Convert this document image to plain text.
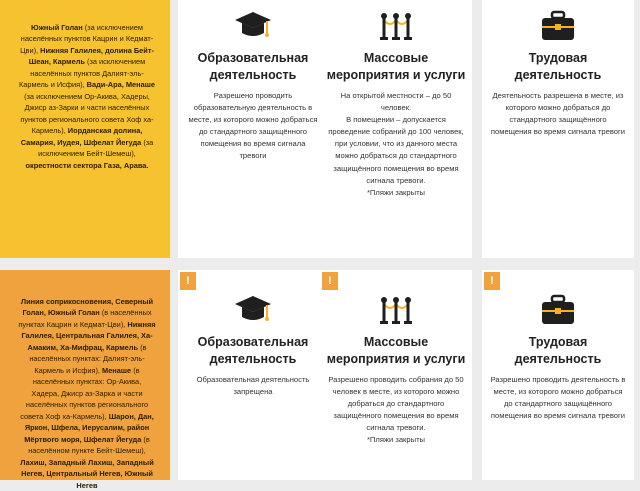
Южный Голан (за исключением населённых пунктов Кацрин и Кедмат-Цви), Нижняя Галилея, долина Бейт-Шеан, Кармель (за исключением населённых пунктов Далият-эль-Кармель и Исфия), Вади-Ара, Менаше (за исключением Ор-Акива, Хадеры, Джиср аз-Зарки и части населённых пунктов регионального совета Хоф ха-Кармель), Иорданская долина, Самария, Иудея, Шфелат Йегуда (за исключением Бейт-Шемеш), окрестности сектора Газа, Арава.
Образовательная деятельность
Разрешено проводить образовательную деятельность в месте, из которого можно добраться до стандартного защищённого помещения во время сигнала тревоги
Массовые мероприятия и услуги
На открытой местности – до 50 человек.
В помещении – допускается проведение собраний до 100 человек, при условии, что из данного места можно добраться до стандартного защищённого помещения во время сигнала тревоги.
*Пляжи закрыты
Трудовая деятельность
Деятельность разрешена в месте, из которого можно добраться до стандартного защищённого помещения во время сигнала тревоги
Линия соприкосновения, Северный Голан, Южный Голан (в населённых пунктах Кацрин и Кедмат-Цви), Нижняя Галилея, Центральная Галилея, Ха-Амаким, Ха-Мифрац, Кармель (в населённых пунктах: Далият-эль-Кармель и Исфия), Менаше (в населённых пунктах: Ор-Акива, Хадера, Джиср аз-Зарка и части населённых пунктов регионального совета Хоф ха-Кармель), Шарон, Дан, Яркон, Шфела, Иерусалим, район Мёртвого моря, Шфелат Йегуда (в населённом пункте Бейт-Шемеш), Лахиш, Западный Лахиш, Западный Негев, Центральный Негев, Южный Негев
!
Образовательная деятельность
Образовательная деятельность запрещена
!
Массовые мероприятия и услуги
Разрешено проводить собрания до 50 человек в месте, из которого можно добраться до стандартного защищённого помещения во время сигнала тревоги.
*Пляжи закрыты
!
Трудовая деятельность
Разрешено проводить деятельность в месте, из которого можно добраться до стандартного защищённого помещения во время сигнала тревоги
